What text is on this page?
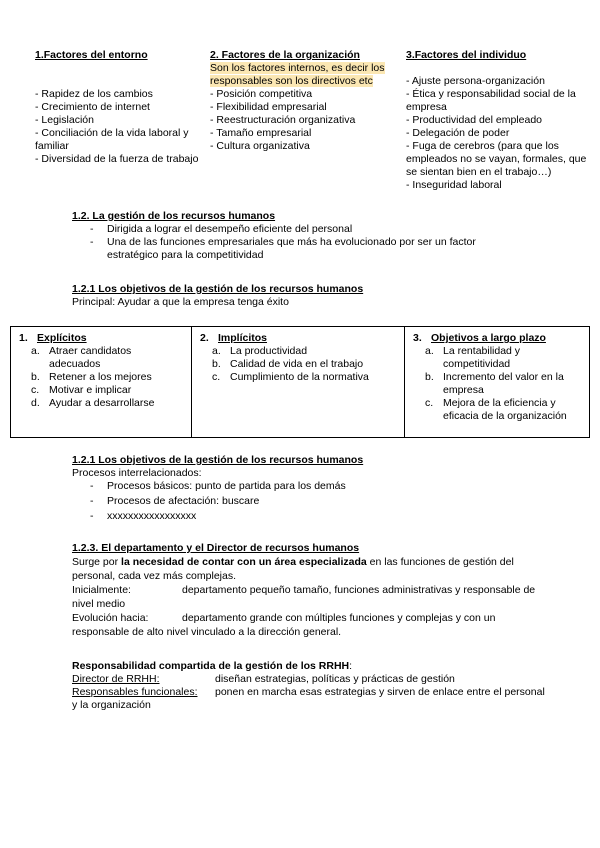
1.Factores del entorno
- Rapidez de los cambios
- Crecimiento de internet
- Legislación
- Conciliación de la vida laboral y familiar
- Diversidad de la fuerza de trabajo
2. Factores de la organización
Son los factores internos, es decir los responsables son los directivos etc
- Posición competitiva
- Flexibilidad empresarial
- Reestructuración organizativa
- Tamaño empresarial
- Cultura organizativa
3.Factores del individuo
- Ajuste persona-organización
- Ética y responsabilidad social de la empresa
- Productividad del empleado
- Delegación de poder
- Fuga de cerebros (para que los empleados no se vayan, formales, que se sientan bien en el trabajo…)
- Inseguridad laboral
1.2. La gestión de los recursos humanos
- Dirigida a lograr el desempeño eficiente del personal
- Una de las funciones empresariales que más ha evolucionado por ser un factor estratégico para la competitividad
1.2.1 Los objetivos de la gestión de los recursos humanos
Principal: Ayudar a que la empresa tenga éxito
1. Explícitos
a. Atraer candidatos adecuados
b. Retener a los mejores
c. Motivar e implicar
d. Ayudar a desarrollarse

2. Implícitos
a. La productividad
b. Calidad de vida en el trabajo
c. Cumplimiento de la normativa

3. Objetivos a largo plazo
a. La rentabilidad y competitividad
b. Incremento del valor en la empresa
c. Mejora de la eficiencia y eficacia de la organización
1.2.1 Los objetivos de la gestión de los recursos humanos
Procesos interrelacionados:
- Procesos básicos: punto de partida para los demás
- Procesos de afectación: buscare
- xxxxxxxxxxxxxxxxx
1.2.3. El departamento y el Director de recursos humanos
Surge por la necesidad de contar con un área especializada en las funciones de gestión del personal, cada vez más complejas.
Inicialmente:	departamento pequeño tamaño, funciones administrativas y responsable de nivel medio
Evolución hacia:	departamento grande con múltiples funciones y complejas y con un responsable de alto nivel vinculado a la dirección general.
Responsabilidad compartida de la gestión de los RRHH:
Director de RRHH:	diseñan estrategias, políticas y prácticas de gestión
Responsables funcionales: ponen en marcha esas estrategias y sirven de enlace entre el personal y la organización
